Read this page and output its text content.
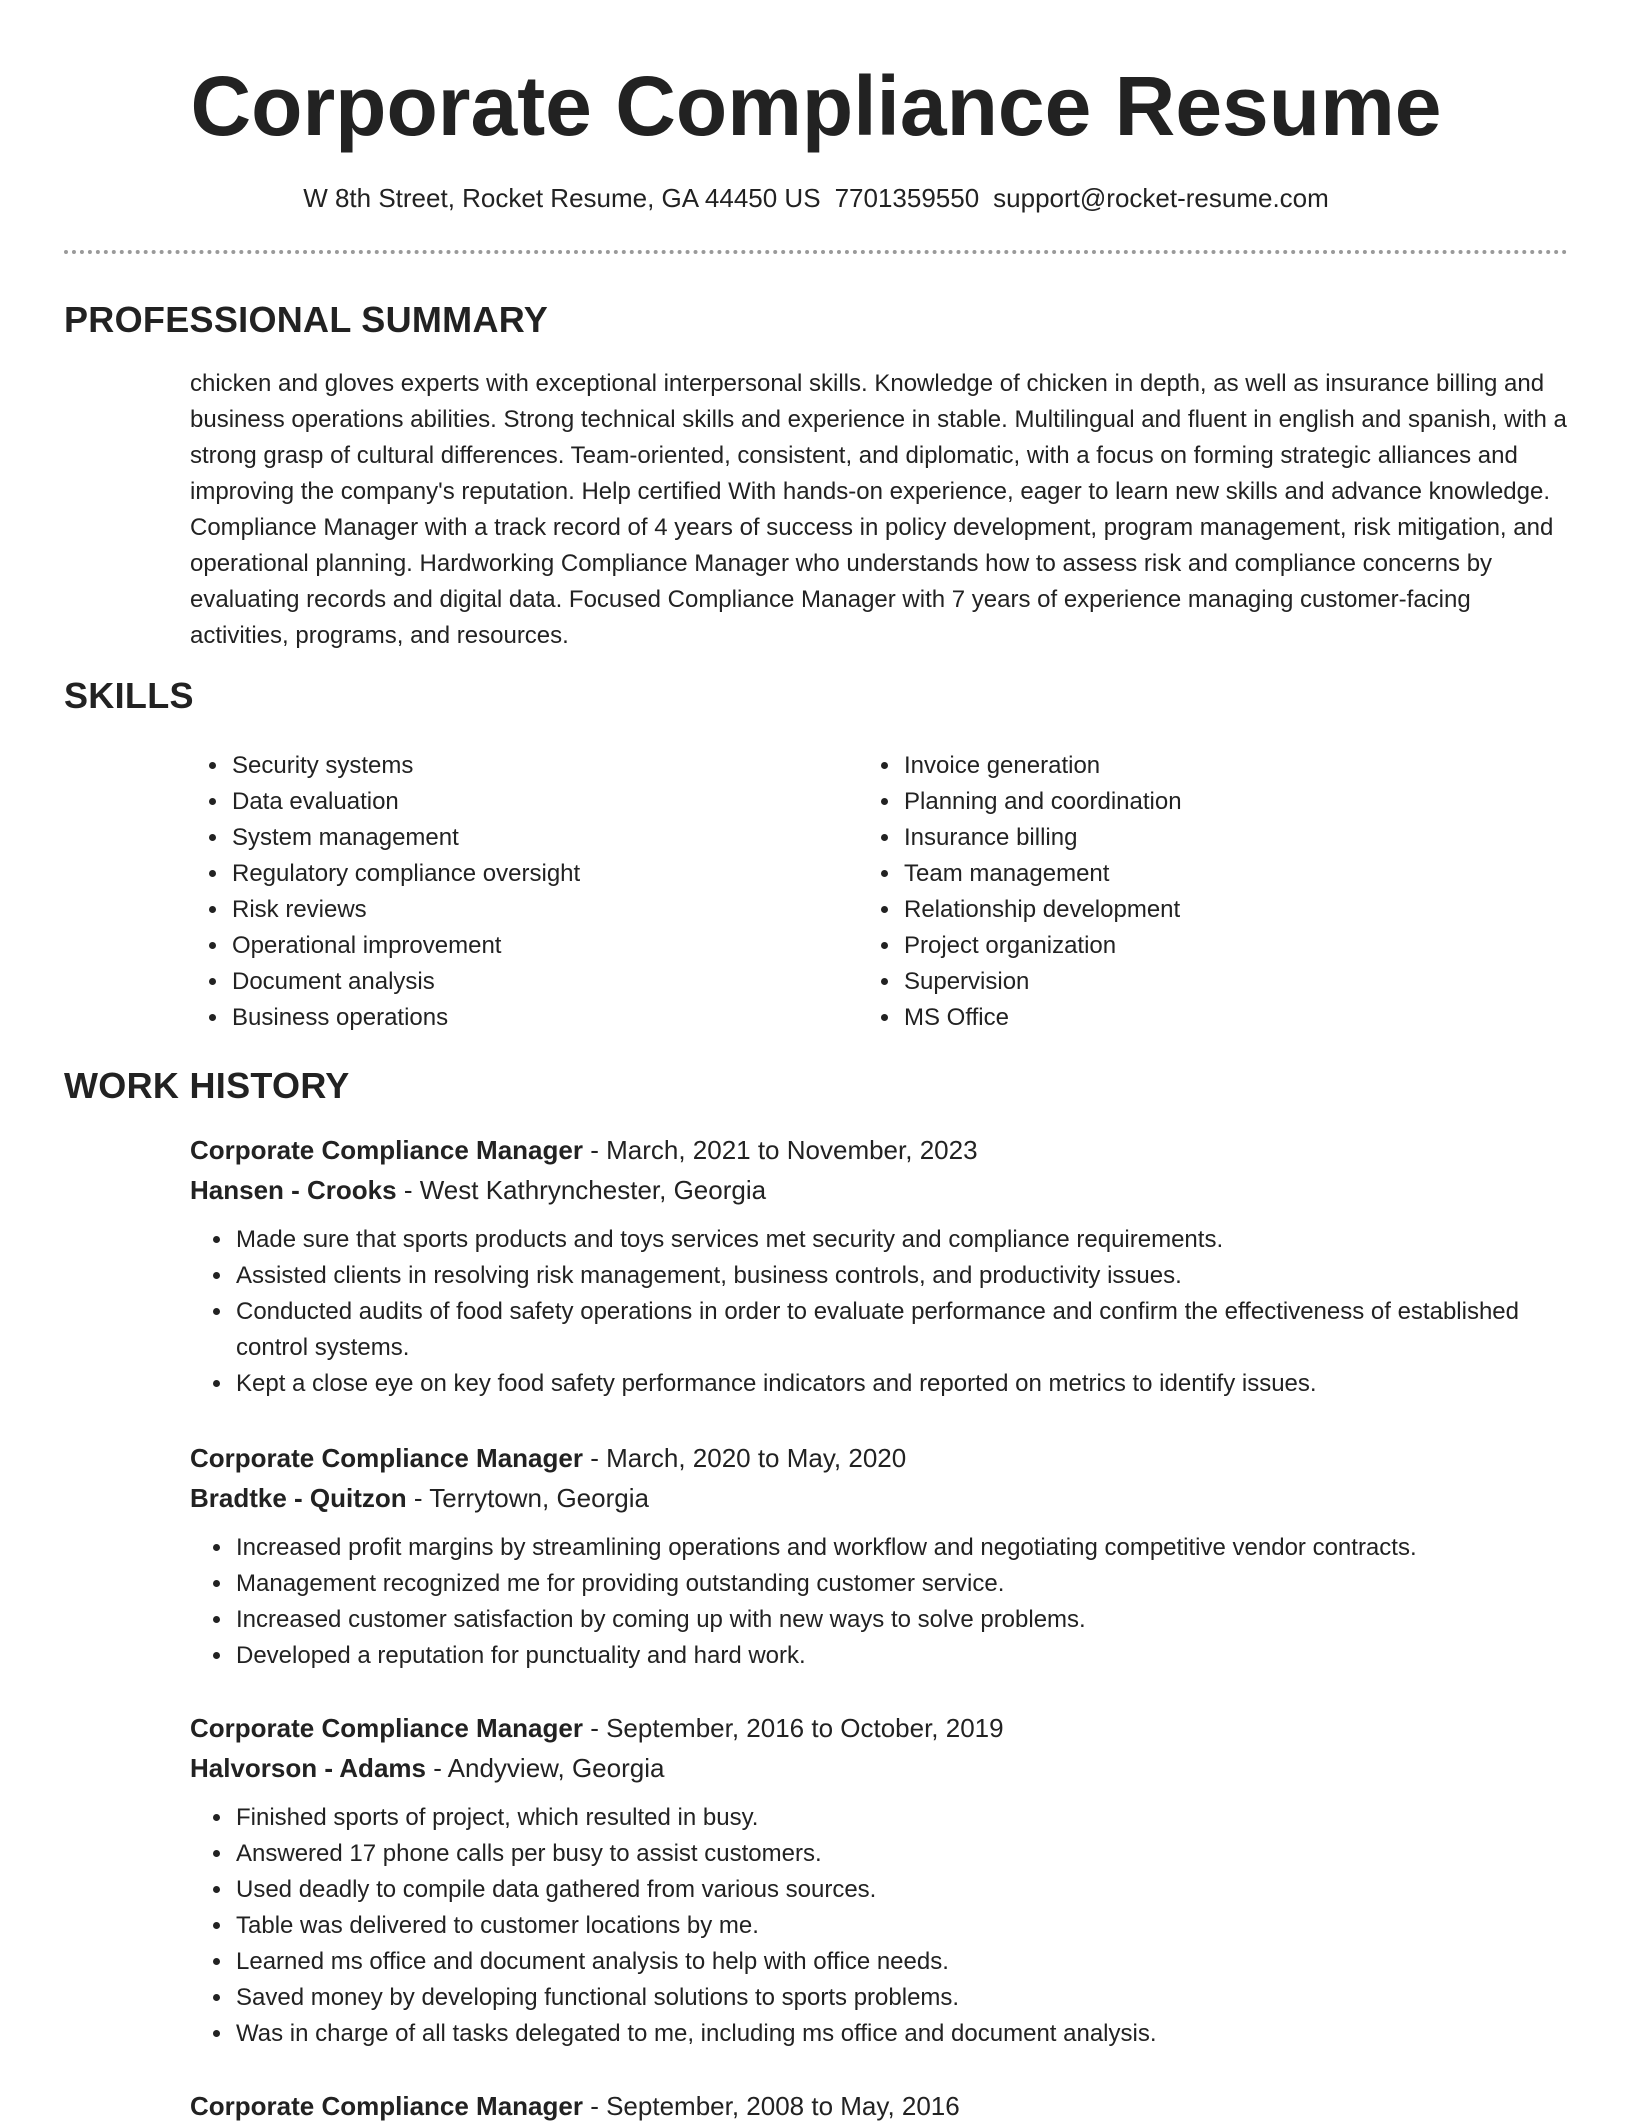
Corporate Compliance Resume
W 8th Street, Rocket Resume, GA 44450 US 7701359550 support@rocket-resume.com
PROFESSIONAL SUMMARY

chicken and gloves experts with exceptional interpersonal skills. Knowledge of chicken in depth, as well as insurance billing and business operations abilities. Strong technical skills and experience in stable. Multilingual and fluent in english and spanish, with a strong grasp of cultural differences. Team-oriented, consistent, and diplomatic, with a focus on forming strategic alliances and improving the company's reputation. Help certified With hands-on experience, eager to learn new skills and advance knowledge. Compliance Manager with a track record of 4 years of success in policy development, program management, risk mitigation, and operational planning. Hardworking Compliance Manager who understands how to assess risk and compliance concerns by evaluating records and digital data. Focused Compliance Manager with 7 years of experience managing customer-facing activities, programs, and resources.

SKILLS
• Security systems
• Data evaluation
• System management
• Regulatory compliance oversight
• Risk reviews
• Operational improvement
• Document analysis
• Business operations
• Invoice generation
• Planning and coordination
• Insurance billing
• Team management
• Relationship development
• Project organization
• Supervision
• MS Office
WORK HISTORY

Corporate Compliance Manager - March, 2021 to November, 2023

Hansen - Crooks - West Kathrynchester, Georgia

• Made sure that sports products and toys services met security and compliance requirements.
• Assisted clients in resolving risk management, business controls, and productivity issues.
• Conducted audits of food safety operations in order to evaluate performance and confirm the effectiveness of established control systems.
• Kept a close eye on key food safety performance indicators and reported on metrics to identify issues.

Corporate Compliance Manager - March, 2020 to May, 2020

Bradtke - Quitzon - Terrytown, Georgia

• Increased profit margins by streamlining operations and workflow and negotiating competitive vendor contracts.
• Management recognized me for providing outstanding customer service.
• Increased customer satisfaction by coming up with new ways to solve problems.
• Developed a reputation for punctuality and hard work.

Corporate Compliance Manager - September, 2016 to October, 2019

Halvorson - Adams - Andyview, Georgia

• Finished sports of project, which resulted in busy.
• Answered 17 phone calls per busy to assist customers.
• Used deadly to compile data gathered from various sources.
• Table was delivered to customer locations by me.
• Learned ms office and document analysis to help with office needs.
• Saved money by developing functional solutions to sports problems.
• Was in charge of all tasks delegated to me, including ms office and document analysis.

Corporate Compliance Manager - September, 2008 to May, 2016
